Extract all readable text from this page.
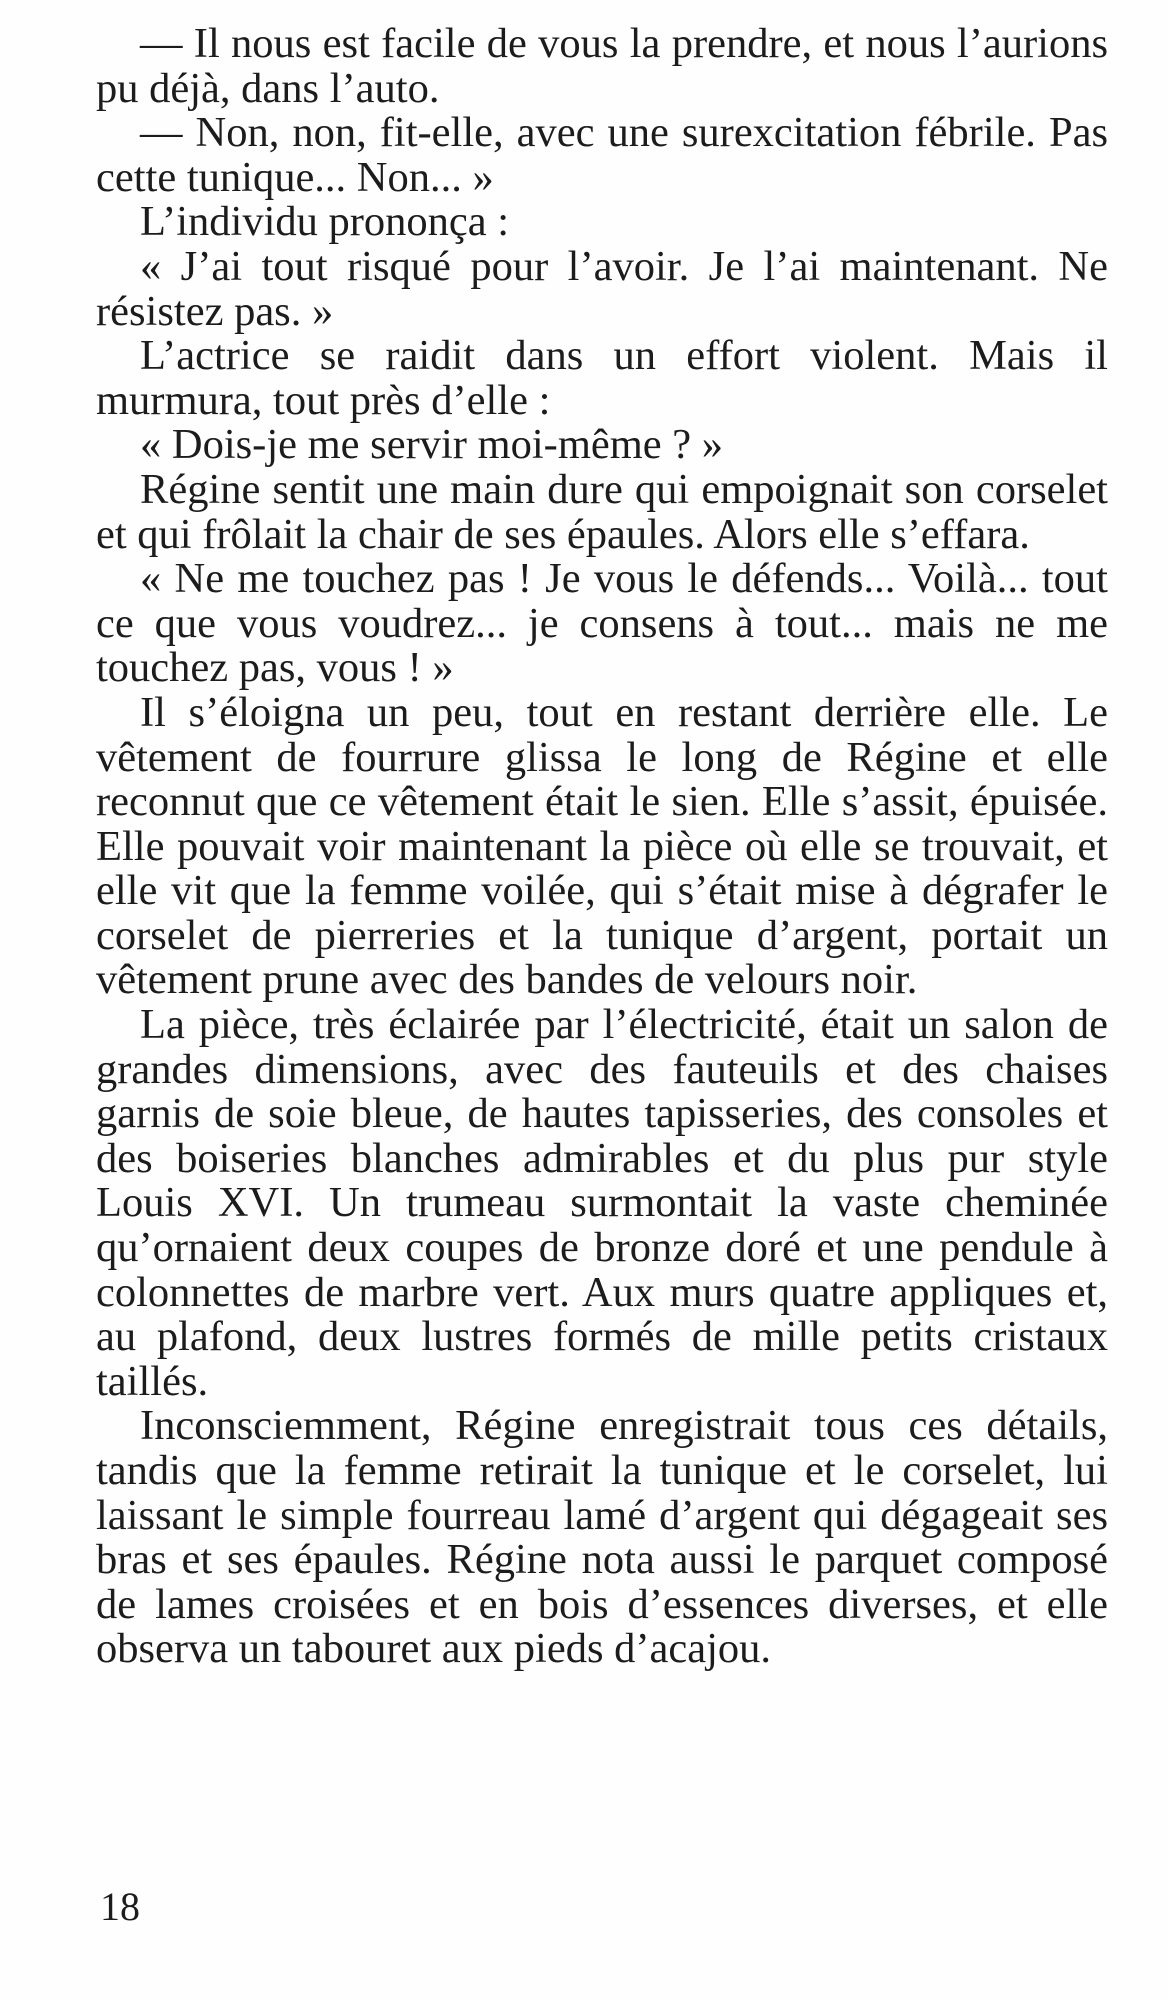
— Il nous est facile de vous la prendre, et nous l’aurions pu déjà, dans l’auto.

— Non, non, fit-elle, avec une surexcitation fébrile. Pas cette tunique... Non... »

L’individu prononça :

« J’ai tout risqué pour l’avoir. Je l’ai maintenant. Ne résistez pas. »

L’actrice se raidit dans un effort violent. Mais il murmura, tout près d’elle :

« Dois-je me servir moi-même ? »

Régine sentit une main dure qui empoignait son corselet et qui frôlait la chair de ses épaules. Alors elle s’effara.

« Ne me touchez pas ! Je vous le défends... Voilà... tout ce que vous voudrez... je consens à tout... mais ne me touchez pas, vous ! »

Il s’éloigna un peu, tout en restant derrière elle. Le vêtement de fourrure glissa le long de Régine et elle reconnut que ce vêtement était le sien. Elle s’assit, épuisée. Elle pouvait voir maintenant la pièce où elle se trouvait, et elle vit que la femme voilée, qui s’était mise à dégrafer le corselet de pierreries et la tunique d’argent, portait un vêtement prune avec des bandes de velours noir.

La pièce, très éclairée par l’électricité, était un salon de grandes dimensions, avec des fauteuils et des chaises garnis de soie bleue, de hautes tapisseries, des consoles et des boiseries blanches admirables et du plus pur style Louis XVI. Un trumeau surmontait la vaste cheminée qu’ornaient deux coupes de bronze doré et une pendule à colonnettes de marbre vert. Aux murs quatre appliques et, au plafond, deux lustres formés de mille petits cristaux taillés.

Inconsciemment, Régine enregistrait tous ces détails, tandis que la femme retirait la tunique et le corselet, lui laissant le simple fourreau lamé d’argent qui dégageait ses bras et ses épaules. Régine nota aussi le parquet composé de lames croisées et en bois d’essences diverses, et elle observa un tabouret aux pieds d’acajou.

18
